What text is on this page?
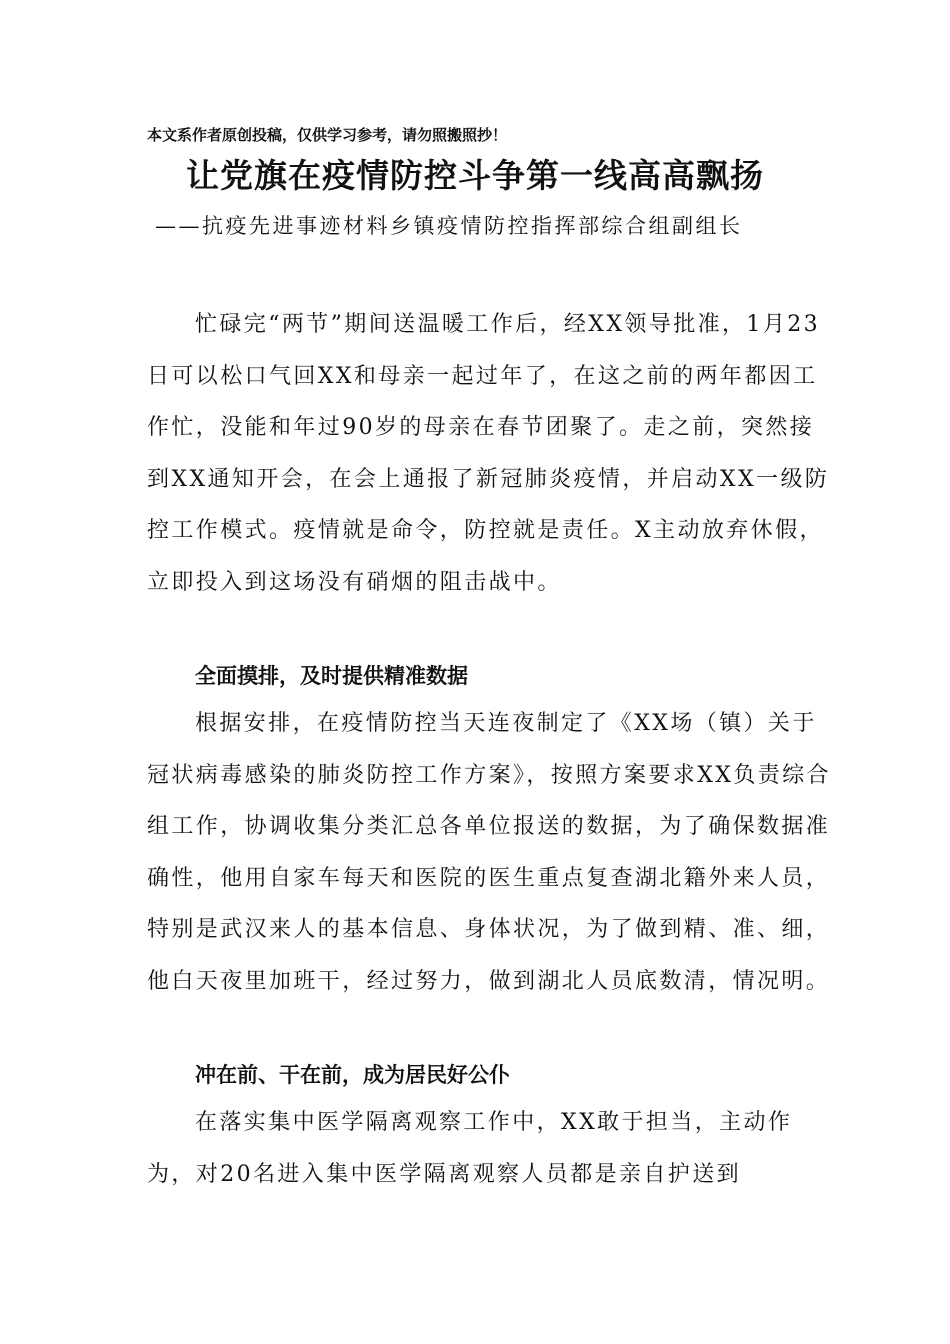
本文系作者原创投稿，仅供学习参考，请勿照搬照抄！
让党旗在疫情防控斗争第一线高高飘扬
——抗疫先进事迹材料乡镇疫情防控指挥部综合组副组长

忙碌完“两节”期间送温暖工作后，经XX领导批准，1月23日可以松口气回XX和母亲一起过年了，在这之前的两年都因工作忙，没能和年过90岁的母亲在春节团聚了。走之前，突然接到XX通知开会，在会上通报了新冠肺炎疫情，并启动XX一级防控工作模式。疫情就是命令，防控就是责任。X主动放弃休假，立即投入到这场没有硝烟的阻击战中。

全面摸排，及时提供精准数据

根据安排，在疫情防控当天连夜制定了《XX场（镇）关于冠状病毒感染的肺炎防控工作方案》，按照方案要求XX负责综合组工作，协调收集分类汇总各单位报送的数据，为了确保数据准确性，他用自家车每天和医院的医生重点复查湖北籍外来人员，特别是武汉来人的基本信息、身体状况，为了做到精、准、细，他白天夜里加班干，经过努力，做到湖北人员底数清，情况明。

冲在前、干在前，成为居民好公仆

在落实集中医学隔离观察工作中，XX敢于担当，主动作为，对20名进入集中医学隔离观察人员都是亲自护送到
